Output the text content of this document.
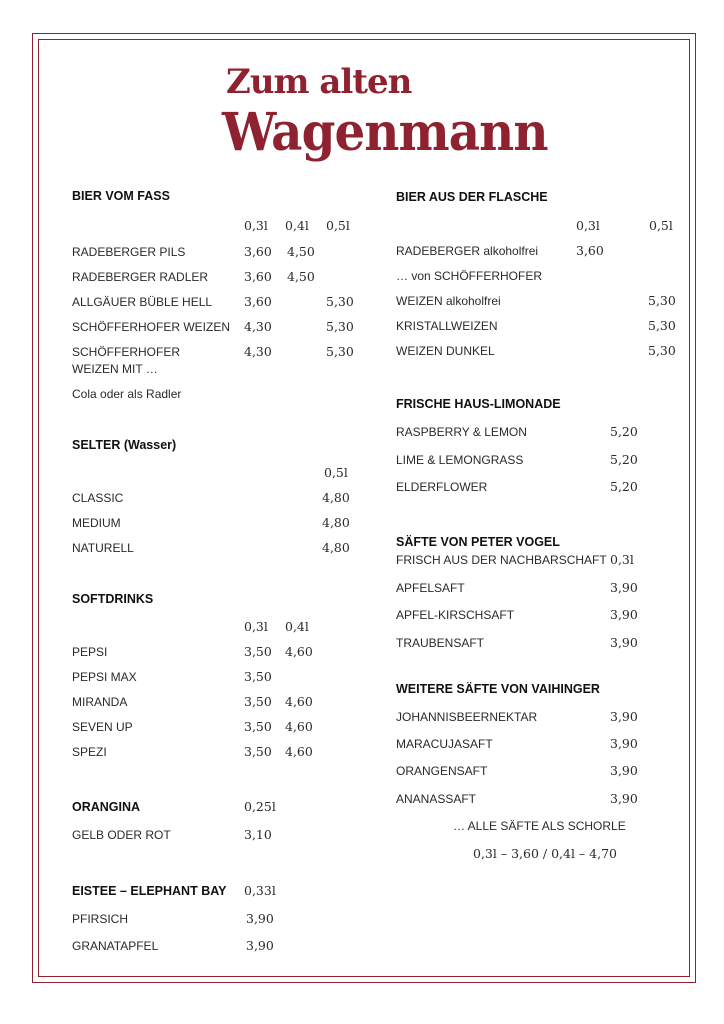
Zum alten
Wagenmann
BIER VOM FASS
0,3l 0,4l 0,5l
RADEBERGER PILS	3,60 4,50
RADEBERGER RADLER	3,60 4,50
ALLGÄUER BÜBLE HELL	3,60	5,30
SCHÖFFERHOFER WEIZEN 4,30	5,30
SCHÖFFERHOFER	4,30	5,30
WEIZEN MIT …
Cola oder als Radler
SELTER (Wasser)
0,5l
CLASSIC	4,80
MEDIUM	4,80
NATURELL	4,80
SOFTDRINKS
0,3l 0,4l
PEPSI	3,50 4,60
PEPSI MAX	3,50
MIRANDA	3,50 4,60
SEVEN UP	3,50 4,60
SPEZI	3,50 4,60
ORANGINA	0,25l
GELB ODER ROT	3,10
EISTEE – ELEPHANT BAY 0,33l
PFIRSICH	3,90
GRANATAPFEL	3,90
BIER AUS DER FLASCHE
0,3l	0,5l
RADEBERGER alkoholfrei	3,60
… von SCHÖFFERHOFER
WEIZEN alkoholfrei	5,30
KRISTALLWEIZEN	5,30
WEIZEN DUNKEL	5,30
FRISCHE HAUS-LIMONADE
RASPBERRY & LEMON	5,20
LIME & LEMONGRASS	5,20
ELDERFLOWER	5,20
SÄFTE VON PETER VOGEL
FRISCH AUS DER NACHBARSCHAFT 0,3l
APFELSAFT	3,90
APFEL-KIRSCHSAFT	3,90
TRAUBENSAFT	3,90
WEITERE SÄFTE VON VAIHINGER
JOHANNISBEERNEKTAR	3,90
MARACUJASAFT	3,90
ORANGENSAFT	3,90
ANANASSAFT	3,90
… ALLE SÄFTE ALS SCHORLE
0,3l – 3,60 / 0,4l – 4,70
